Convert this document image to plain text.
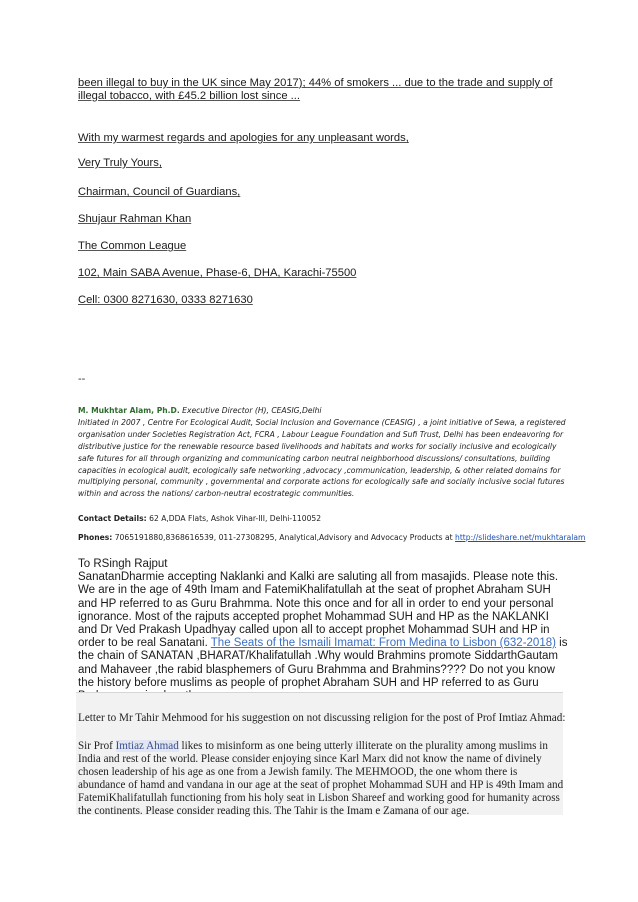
been illegal to buy in the UK since May 2017); 44% of smokers ... due to the trade and supply of
illegal tobacco, with £45.2 billion lost since ...
With my warmest regards and apologies for any unpleasant words,
Very Truly Yours,
Chairman, Council of Guardians,
Shujaur Rahman Khan
The Common League
102, Main SABA Avenue, Phase-6, DHA, Karachi-75500
Cell: 0300 8271630, 0333 8271630
--
M. Mukhtar Alam, Ph.D. Executive Director (H), CEASIG,Delhi
Initiated in 2007 , Centre For Ecological Audit, Social Inclusion and Governance (CEASIG) , a joint initiative of Sewa, a registered organisation under Societies Registration Act, FCRA , Labour League Foundation and Sufi Trust, Delhi has been endeavoring for distributive justice for the renewable resource based livelihoods and habitats and works for socially inclusive and ecologically safe futures for all through organizing and communicating carbon neutral neighborhood discussions/ consultations, building capacities in ecological audit, ecologically safe networking ,advocacy ,communication, leadership, & other related domains for multiplying personal, community , governmental and corporate actions for ecologically safe and socially inclusive social futures within and across the nations/ carbon-neutral ecostrategic communities.
Contact Details: 62 A,DDA Flats, Ashok Vihar-III, Delhi-110052
Phones: 7065191880,8368616539, 011-27308295, Analytical,Advisory and Advocacy Products at http://slideshare.net/mukhtaralam
To RSingh Rajput
SanatanDharmie accepting Naklanki and Kalki are saluting all from masajids. Please note this. We are in the age of 49th Imam and FatemiKhalifatullah at the seat of prophet Abraham SUH and HP referred to as Guru Brahmma. Note this once and for all in order to end your personal ignorance. Most of the rajputs accepted prophet Mohammad SUH and HP as the NAKLANKI and Dr Ved Prakash Upadhyay called upon all to accept prophet Mohammad SUH and HP in order to be real Sanatani. The Seats of the Ismaili Imamat: From Medina to Lisbon (632-2018) is the chain of SANATAN ,BHARAT/Khalifatullah .Why would Brahmins promote SiddarthGautam and Mahaveer ,the rabid blasphemers of Guru Brahmma and Brahmins???? Do not you know the history before muslims as people of prophet Abraham SUH and HP referred to as Guru
Letter to Mr Tahir Mehmood for his suggestion on not discussing religion for the post of Prof Imtiaz Ahmad:
Sir Prof Imtiaz Ahmad likes to misinform as one being utterly illiterate on the plurality among muslims in India and rest of the world. Please consider enjoying since Karl Marx did not know the name of divinely chosen leadership of his age as one from a Jewish family. The MEHMOOD, the one whom there is abundance of hamd and vandana in our age at the seat of prophet Mohammad SUH and HP is 49th Imam and FatemiKhalifatullah functioning from his holy seat in Lisbon Shareef and working good for humanity across the continents. Please consider reading this. The Tahir is the Imam e Zamana of our age.
